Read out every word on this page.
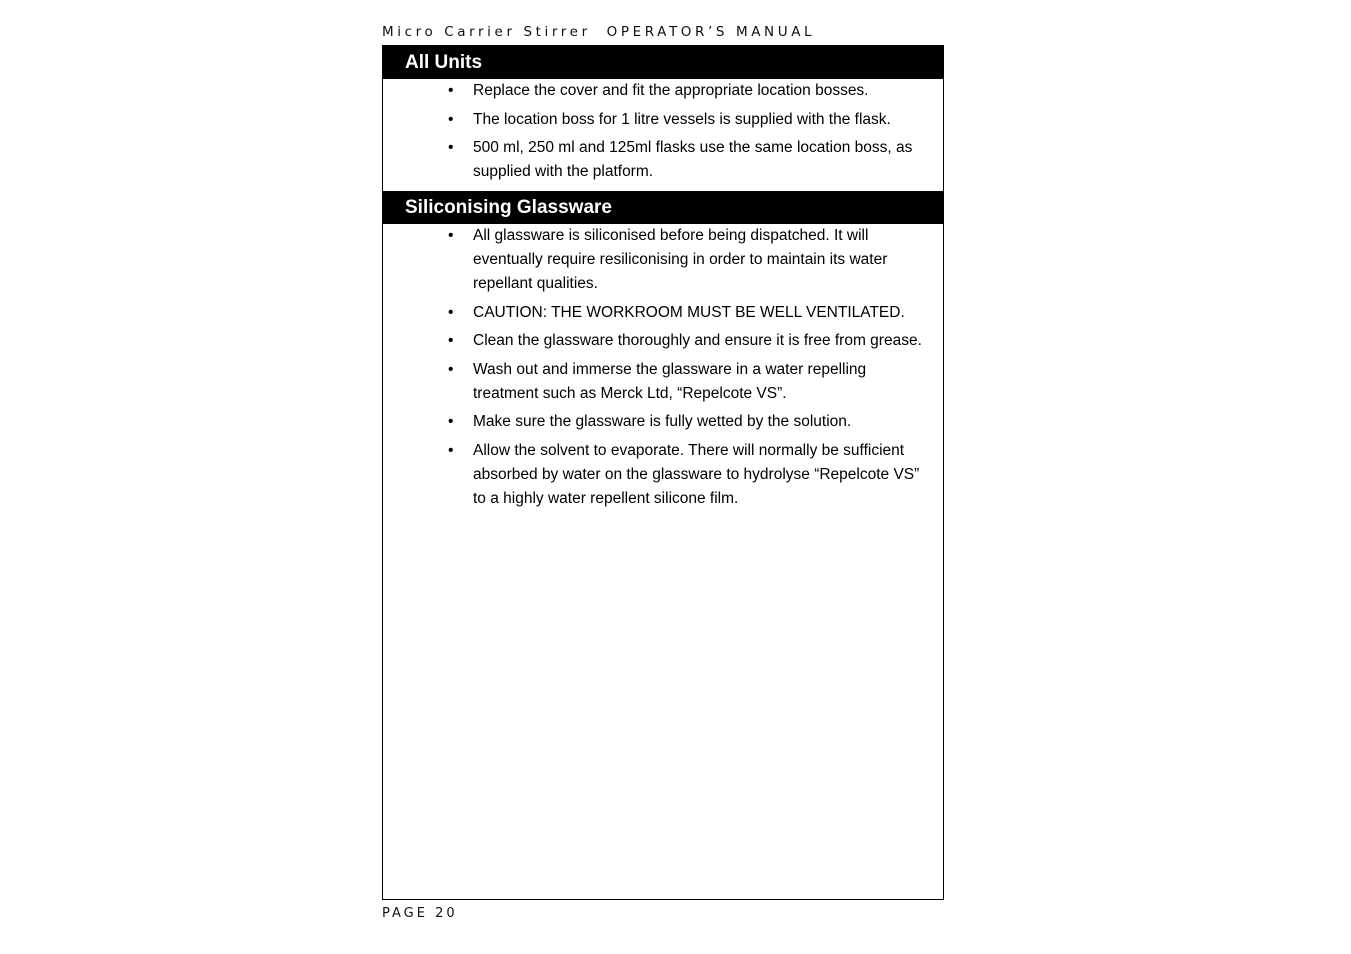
Micro Carrier Stirrer OPERATOR’S MANUAL
All Units
• Replace the cover and fit the appropriate location bosses.
• The location boss for 1 litre vessels is supplied with the flask.
• 500 ml, 250 ml and 125ml flasks use the same location boss, as supplied with the platform.
Siliconising Glassware
• All glassware is siliconised before being dispatched. It will eventually require resiliconising in order to maintain its water repellant qualities.
• CAUTION: THE WORKROOM MUST BE WELL VENTILATED.
• Clean the glassware thoroughly and ensure it is free from grease.
• Wash out and immerse the glassware in a water repelling treatment such as Merck Ltd, “Repelcote VS”.
• Make sure the glassware is fully wetted by the solution.
• Allow the solvent to evaporate. There will normally be sufficient absorbed by water on the glassware to hydrolyse “Repelcote VS” to a highly water repellent silicone film.
PAGE 20
